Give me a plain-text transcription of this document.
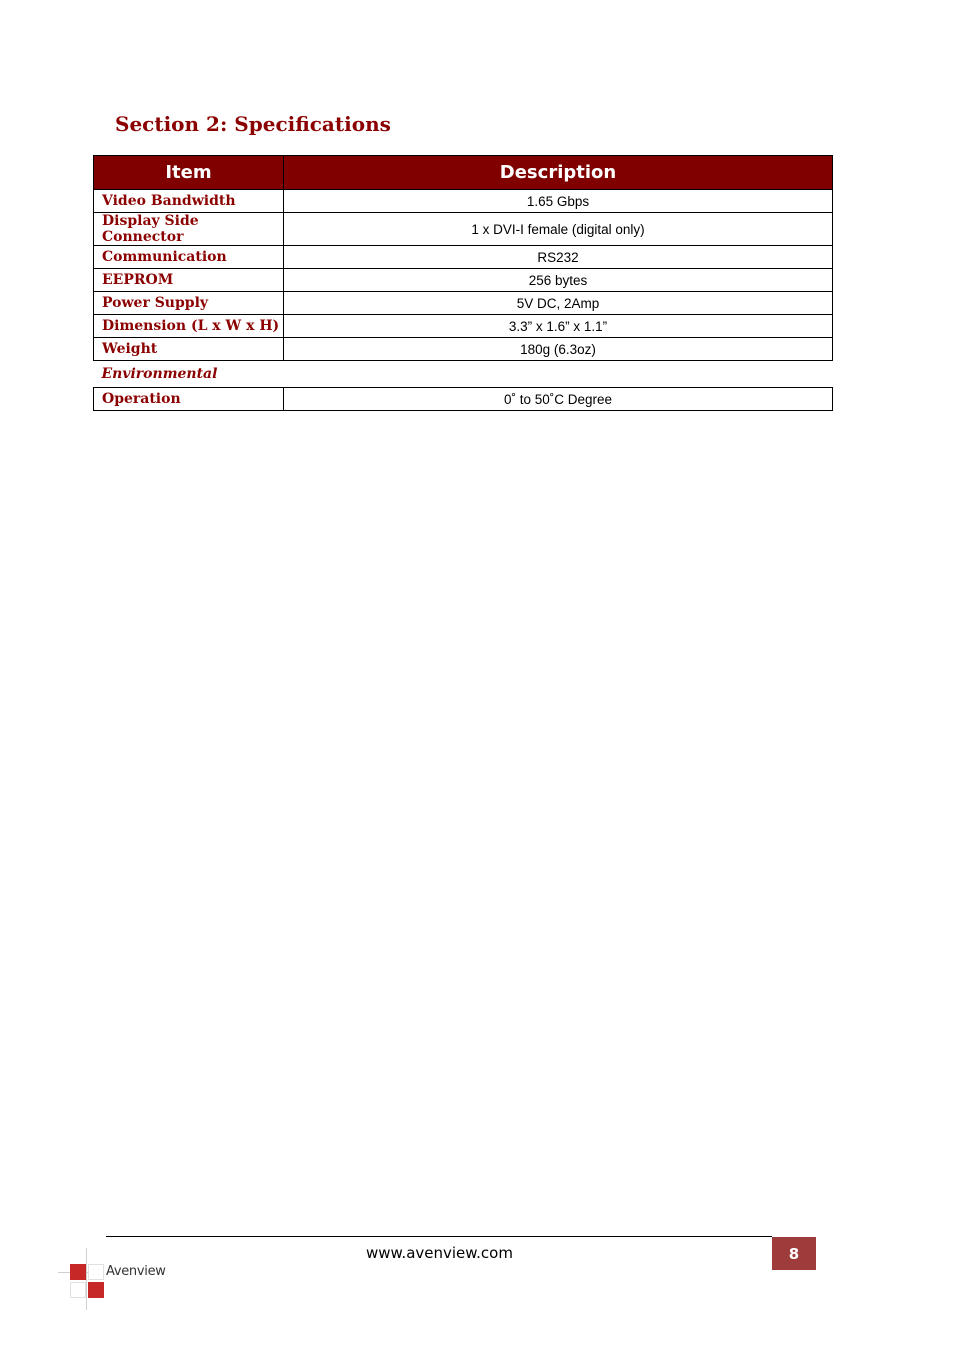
Section 2: Specifications
Item	Description
Video Bandwidth	1.65 Gbps
Display Side Connector	1 x DVI-I female (digital only)
Communication	RS232
EEPROM	256 bytes
Power Supply	5V DC, 2Amp
Dimension (L x W x H)	3.3” x 1.6” x 1.1”
Weight	180g (6.3oz)
Environmental	
Operation	0˚ to 50˚C Degree
www.avenview.com	8
Avenview
